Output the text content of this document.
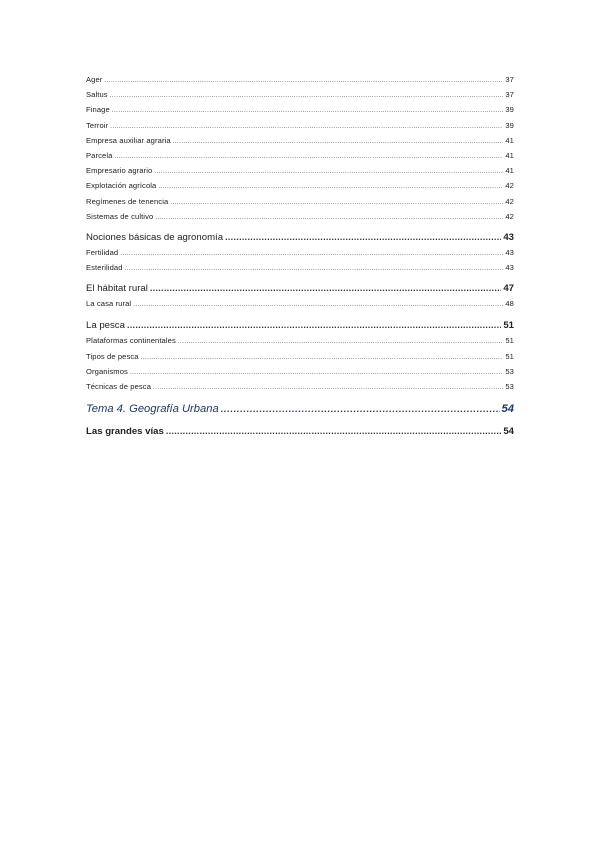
Ager .....	37
Saltus .....	37
Finage .....	39
Terroir .....	39
Empresa auxiliar agraria .....	41
Parcela .....	41
Empresario agrario .....	41
Explotación agrícola .....	42
Regímenes de tenencia .....	42
Sistemas de cultivo .....	42
Nociones básicas de agronomía .....	43
Fertilidad .....	43
Esterilidad .....	43
El hábitat rural .....	47
La casa rural .....	48
La pesca .....	51
Plataformas continentales .....	51
Tipos de pesca .....	51
Organismos .....	53
Técnicas de pesca .....	53
Tema 4. Geografía Urbana .....	54
Las grandes vías .....	54
